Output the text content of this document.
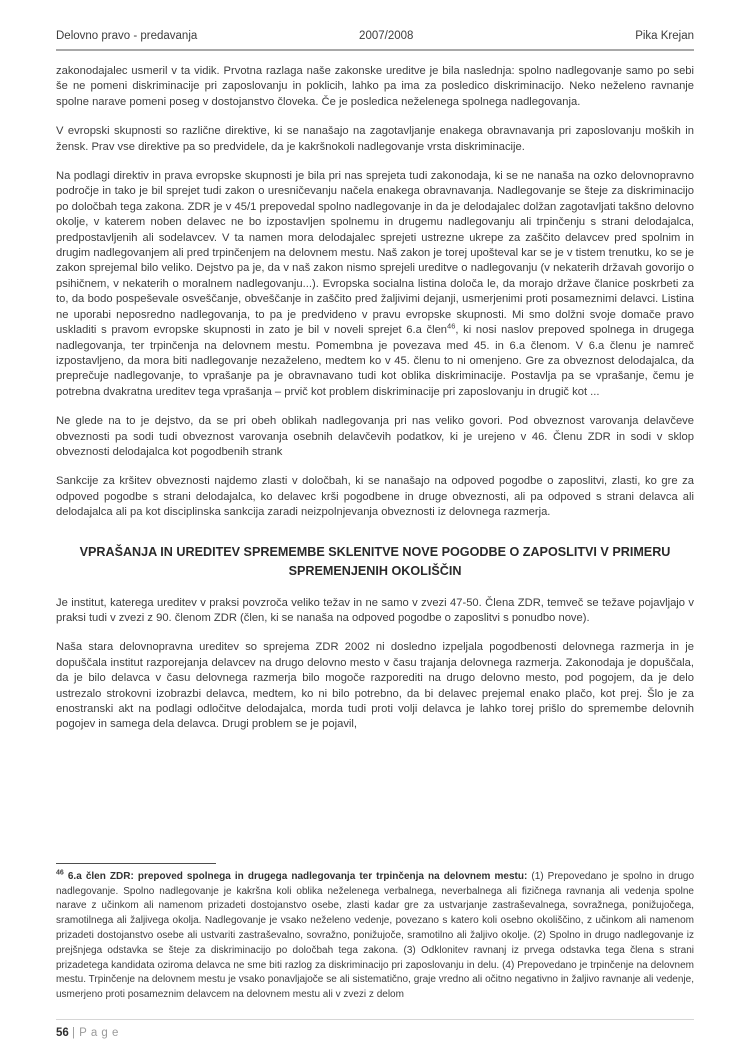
Delovno pravo - predavanja	2007/2008	Pika Krejan

zakonodajalec usmeril v ta vidik. Prvotna razlaga naše zakonske ureditve je bila naslednja: spolno nadlegovanje samo po sebi še ne pomeni diskriminacije pri zaposlovanju in poklicih, lahko pa ima za posledico diskriminacijo. Neko neželeno ravnanje spolne narave pomeni poseg v dostojanstvo človeka. Če je posledica neželenega spolnega nadlegovanja.

V evropski skupnosti so različne direktive, ki se nanašajo na zagotavljanje enakega obravnavanja pri zaposlovanju moških in žensk. Prav vse direktive pa so predvidele, da je kakršnokoli nadlegovanje vrsta diskriminacije.

Na podlagi direktiv in prava evropske skupnosti je bila pri nas sprejeta tudi zakonodaja, ki se ne nanaša na ozko delovnopravno področje in tako je bil sprejet tudi zakon o uresničevanju načela enakega obravnavanja. Nadlegovanje se šteje za diskriminacijo po določbah tega zakona. ZDR je v 45/1 prepovedal spolno nadlegovanje in da je delodajalec dolžan zagotavljati takšno delovno okolje, v katerem noben delavec ne bo izpostavljen spolnemu in drugemu nadlegovanju ali trpinčenju s strani delodajalca, predpostavljenih ali sodelavcev. V ta namen mora delodajalec sprejeti ustrezne ukrepe za zaščito delavcev pred spolnim in drugim nadlegovanjem ali pred trpinčenjem na delovnem mestu. Naš zakon je torej upošteval kar se je v tistem trenutku, ko se je zakon sprejemal bilo veliko. Dejstvo pa je, da v naš zakon nismo sprejeli ureditve o nadlegovanju (v nekaterih državah govorijo o psihičnem, v nekaterih o moralnem nadlegovanju...). Evropska socialna listina določa le, da morajo države članice poskrbeti za to, da bodo pospeševale osveščanje, obveščanje in zaščito pred žaljivimi dejanji, usmerjenimi proti posameznimi delavci. Listina ne uporabi neposredno nadlegovanja, to pa je predvideno v pravu evropske skupnosti. Mi smo dolžni svoje domače pravo uskladiti s pravom evropske skupnosti in zato je bil v noveli sprejet 6.a člen$^{46}$, ki nosi naslov prepoved spolnega in drugega nadlegovanja, ter trpinčenja na delovnem mestu. Pomembna je povezava med 45. in 6.a členom. V 6.a členu je namreč izpostavljeno, da mora biti nadlegovanje nezaželeno, medtem ko v 45. členu to ni omenjeno. Gre za obveznost delodajalca, da preprečuje nadlegovanje, to vprašanje pa je obravnavano tudi kot oblika diskriminacije. Postavlja pa se vprašanje, čemu je potrebna dvakratna ureditev tega vprašanja – prvič kot problem diskriminacije pri zaposlovanju in drugič kot ...

Ne glede na to je dejstvo, da se pri obeh oblikah nadlegovanja pri nas veliko govori. Pod obveznost varovanja delavčeve obveznosti pa sodi tudi obveznost varovanja osebnih delavčevih podatkov, ki je urejeno v 46. Členu ZDR in sodi v sklop obveznosti delodajalca kot pogodbenih strank

Sankcije za kršitev obveznosti najdemo zlasti v določbah, ki se nanašajo na odpoved pogodbe o zaposlitvi, zlasti, ko gre za odpoved pogodbe s strani delodajalca, ko delavec krši pogodbene in druge obveznosti, ali pa odpoved s strani delavca ali delodajalca ali pa kot disciplinska sankcija zaradi neizpolnjevanja obveznosti iz delovnega razmerja.

VPRAŠANJA IN UREDITEV SPREMEMBE SKLENITVE NOVE POGODBE O ZAPOSLITVI V PRIMERU SPREMENJENIH OKOLIŠČIN

Je institut, katerega ureditev v praksi povzroča veliko težav in ne samo v zvezi 47-50. Člena ZDR, temveč se težave pojavljajo v praksi tudi v zvezi z 90. členom ZDR (člen, ki se nanaša na odpoved pogodbe o zaposlitvi s ponudbo nove).

Naša stara delovnopravna ureditev so sprejema ZDR 2002 ni dosledno izpeljala pogodbenosti delovnega razmerja in je dopuščala institut razporejanja delavcev na drugo delovno mesto v času trajanja delovnega razmerja. Zakonodaja je dopuščala, da je bilo delavca v času delovnega razmerja bilo mogoče razporediti na drugo delovno mesto, pod pogojem, da je delo ustrezalo strokovni izobrazbi delavca, medtem, ko ni bilo potrebno, da bi delavec prejemal enako plačo, kot prej. Šlo je za enostranski akt na podlagi odločitve delodajalca, morda tudi proti volji delavca je lahko torej prišlo do spremembe delovnih pogojev in samega dela delavca. Drugi problem se je pojavil,

$^{46}$ 6.a člen ZDR: prepoved spolnega in drugega nadlegovanja ter trpinčenja na delovnem mestu: (1) Prepovedano je spolno in drugo nadlegovanje. Spolno nadlegovanje je kakršna koli oblika neželenega verbalnega, neverbalnega ali fizičnega ravnanja ali vedenja spolne narave z učinkom ali namenom prizadeti dostojanstvo osebe, zlasti kadar gre za ustvarjanje zastraševalnega, sovražnega, ponižujočega, sramotilnega ali žaljivega okolja. Nadlegovanje je vsako neželeno vedenje, povezano s katero koli osebno okoliščino, z učinkom ali namenom prizadeti dostojanstvo osebe ali ustvariti zastraševalno, sovražno, ponižujoče, sramotilno ali žaljivo okolje. (2) Spolno in drugo nadlegovanje iz prejšnjega odstavka se šteje za diskriminacijo po določbah tega zakona. (3) Odklonitev ravnanj iz prvega odstavka tega člena s strani prizadetega kandidata oziroma delavca ne sme biti razlog za diskriminacijo pri zaposlovanju in delu. (4) Prepovedano je trpinčenje na delovnem mestu. Trpinčenje na delovnem mestu je vsako ponavljajoče se ali sistematično, graje vredno ali očitno negativno in žaljivo ravnanje ali vedenje, usmerjeno proti posameznim delavcem na delovnem mestu ali v zvezi z delom

56 | P a g e
